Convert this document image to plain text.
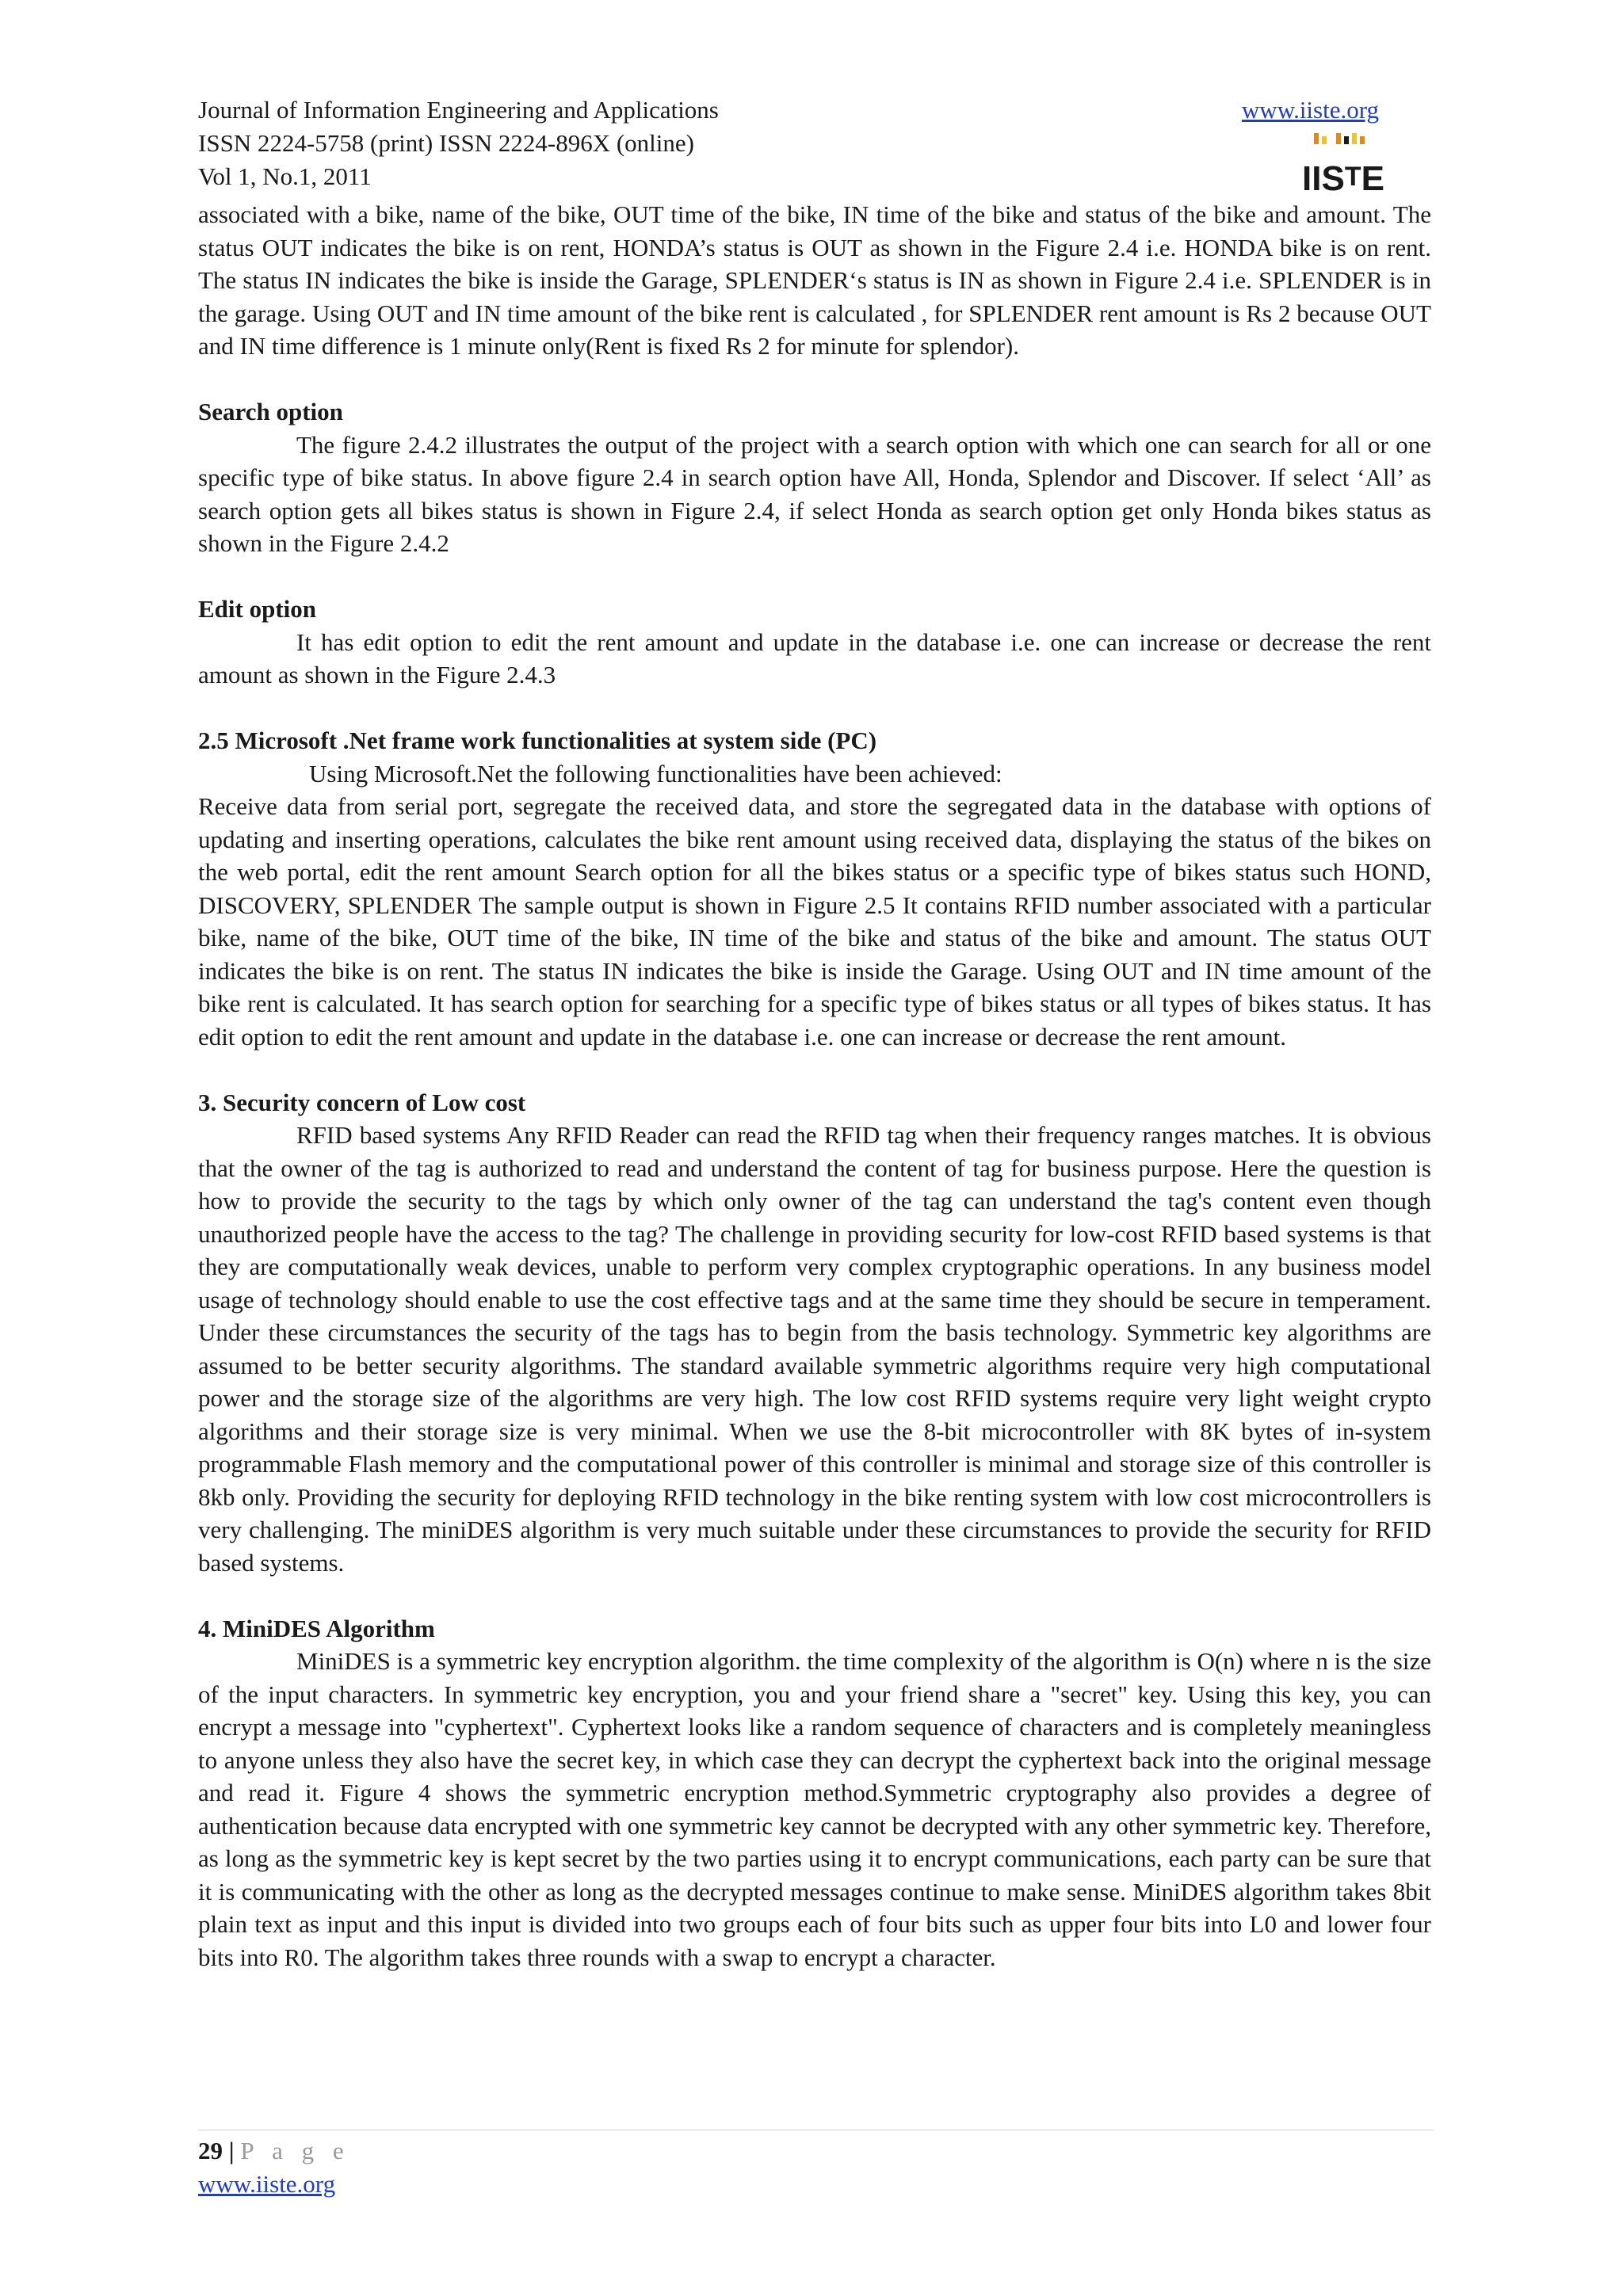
Journal of Information Engineering and Applications
ISSN 2224-5758 (print) ISSN 2224-896X (online)
Vol 1, No.1, 2011
www.iiste.org
IISTE

associated with a bike, name of the bike, OUT time of the bike, IN time of the bike and status of the bike and amount. The status OUT indicates the bike is on rent, HONDA’s status is OUT as shown in the Figure 2.4 i.e. HONDA bike is on rent. The status IN indicates the bike is inside the Garage, SPLENDER‘s status is IN as shown in Figure 2.4 i.e. SPLENDER is in the garage. Using OUT and IN time amount of the bike rent is calculated , for SPLENDER rent amount is Rs 2 because OUT and IN time difference is 1 minute only(Rent is fixed Rs 2 for minute for splendor).

Search option

The figure 2.4.2 illustrates the output of the project with a search option with which one can search for all or one specific type of bike status. In above figure 2.4 in search option have All, Honda, Splendor and Discover. If select ‘All’ as search option gets all bikes status is shown in Figure 2.4, if select Honda as search option get only Honda bikes status as shown in the Figure 2.4.2

Edit option

It has edit option to edit the rent amount and update in the database i.e. one can increase or decrease the rent amount as shown in the Figure 2.4.3

2.5 Microsoft .Net frame work functionalities at system side (PC)

Using Microsoft.Net the following functionalities have been achieved:

Receive data from serial port, segregate the received data, and store the segregated data in the database with options of updating and inserting operations, calculates the bike rent amount using received data, displaying the status of the bikes on the web portal, edit the rent amount Search option for all the bikes status or a specific type of bikes status such HOND, DISCOVERY, SPLENDER The sample output is shown in Figure 2.5 It contains RFID number associated with a particular bike, name of the bike, OUT time of the bike, IN time of the bike and status of the bike and amount. The status OUT indicates the bike is on rent. The status IN indicates the bike is inside the Garage. Using OUT and IN time amount of the bike rent is calculated. It has search option for searching for a specific type of bikes status or all types of bikes status. It has edit option to edit the rent amount and update in the database i.e. one can increase or decrease the rent amount.

3. Security concern of Low cost

RFID based systems Any RFID Reader can read the RFID tag when their frequency ranges matches. It is obvious that the owner of the tag is authorized to read and understand the content of tag for business purpose. Here the question is how to provide the security to the tags by which only owner of the tag can understand the tag's content even though unauthorized people have the access to the tag? The challenge in providing security for low-cost RFID based systems is that they are computationally weak devices, unable to perform very complex cryptographic operations. In any business model usage of technology should enable to use the cost effective tags and at the same time they should be secure in temperament. Under these circumstances the security of the tags has to begin from the basis technology. Symmetric key algorithms are assumed to be better security algorithms. The standard available symmetric algorithms require very high computational power and the storage size of the algorithms are very high. The low cost RFID systems require very light weight crypto algorithms and their storage size is very minimal. When we use the 8-bit microcontroller with 8K bytes of in-system programmable Flash memory and the computational power of this controller is minimal and storage size of this controller is 8kb only. Providing the security for deploying RFID technology in the bike renting system with low cost microcontrollers is very challenging. The miniDES algorithm is very much suitable under these circumstances to provide the security for RFID based systems.

4. MiniDES Algorithm

MiniDES is a symmetric key encryption algorithm. the time complexity of the algorithm is O(n) where n is the size of the input characters. In symmetric key encryption, you and your friend share a "secret" key. Using this key, you can encrypt a message into "cyphertext". Cyphertext looks like a random sequence of characters and is completely meaningless to anyone unless they also have the secret key, in which case they can decrypt the cyphertext back into the original message and read it. Figure 4 shows the symmetric encryption method.Symmetric cryptography also provides a degree of authentication because data encrypted with one symmetric key cannot be decrypted with any other symmetric key. Therefore, as long as the symmetric key is kept secret by the two parties using it to encrypt communications, each party can be sure that it is communicating with the other as long as the decrypted messages continue to make sense. MiniDES algorithm takes 8bit plain text as input and this input is divided into two groups each of four bits such as upper four bits into L0 and lower four bits into R0. The algorithm takes three rounds with a swap to encrypt a character.

29 | P a g e
www.iiste.org
